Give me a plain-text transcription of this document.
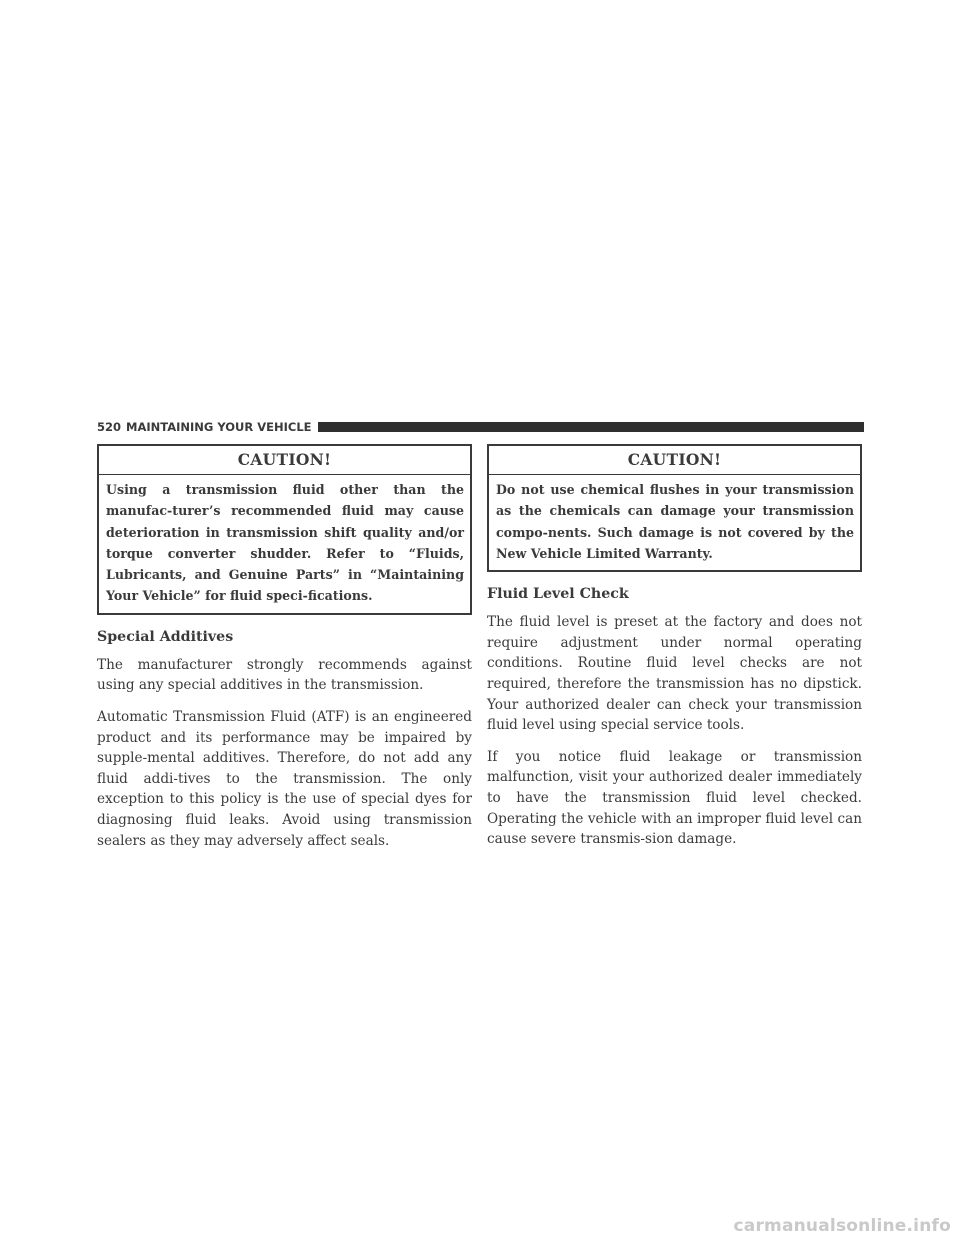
520 MAINTAINING YOUR VEHICLE
CAUTION!
Using a transmission fluid other than the manufac-turer’s recommended fluid may cause deterioration in transmission shift quality and/or torque converter shudder. Refer to “Fluids, Lubricants, and Genuine Parts” in “Maintaining Your Vehicle” for fluid speci-fications.
Special Additives

The manufacturer strongly recommends against using any special additives in the transmission.

Automatic Transmission Fluid (ATF) is an engineered product and its performance may be impaired by supple-mental additives. Therefore, do not add any fluid addi-tives to the transmission. The only exception to this policy is the use of special dyes for diagnosing fluid leaks. Avoid using transmission sealers as they may adversely affect seals.

CAUTION!
Do not use chemical flushes in your transmission as the chemicals can damage your transmission compo-nents. Such damage is not covered by the New Vehicle Limited Warranty.
Fluid Level Check

The fluid level is preset at the factory and does not require adjustment under normal operating conditions. Routine fluid level checks are not required, therefore the transmission has no dipstick. Your authorized dealer can check your transmission fluid level using special service tools.

If you notice fluid leakage or transmission malfunction, visit your authorized dealer immediately to have the transmission fluid level checked. Operating the vehicle with an improper fluid level can cause severe transmis-sion damage.

carmanualsonline.info
